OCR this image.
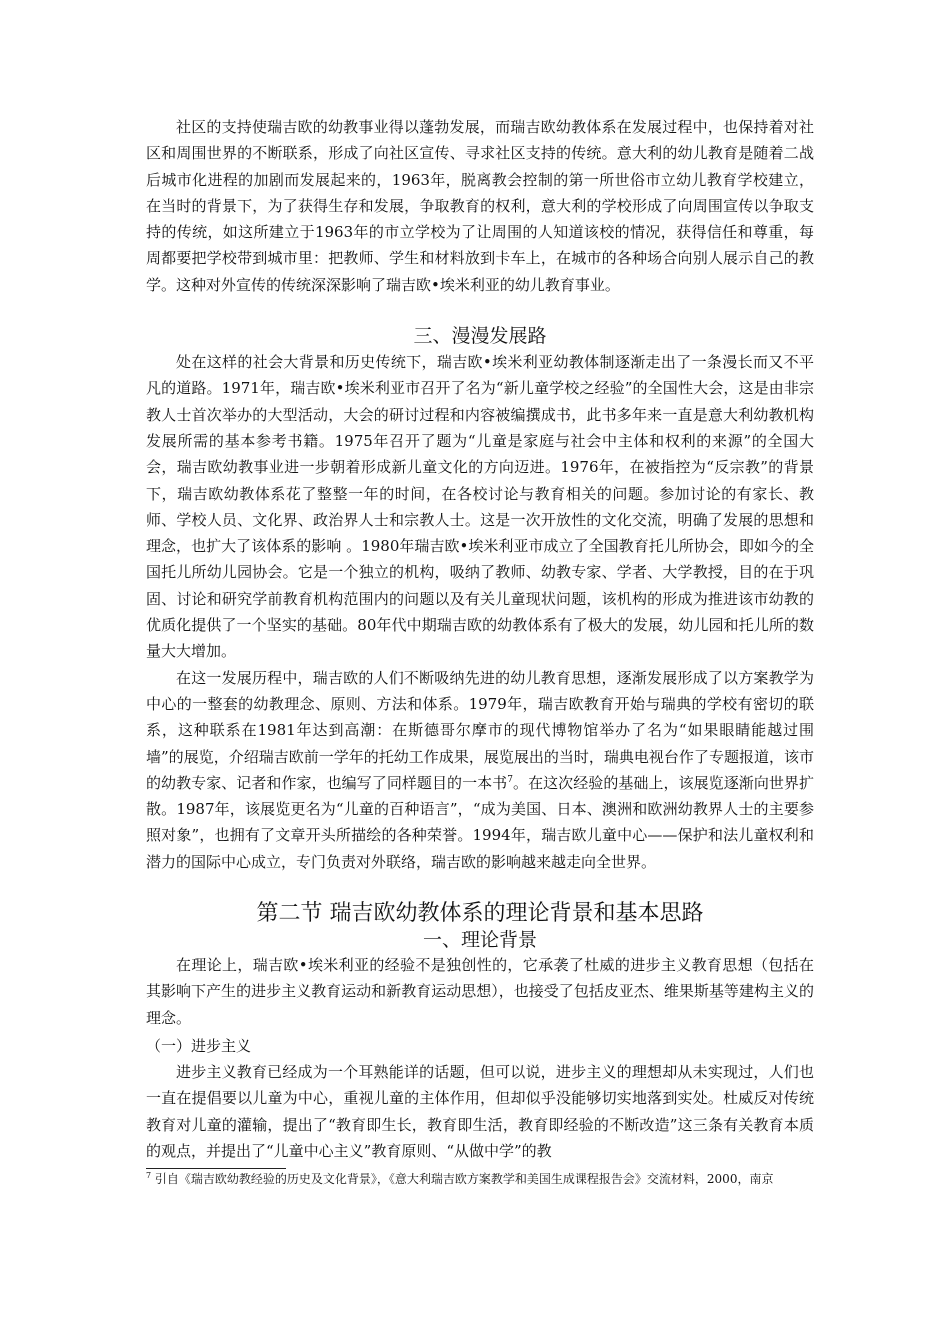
社区的支持使瑞吉欧的幼教事业得以蓬勃发展，而瑞吉欧幼教体系在发展过程中，也保持着对社区和周围世界的不断联系，形成了向社区宣传、寻求社区支持的传统。意大利的幼儿教育是随着二战后城市化进程的加剧而发展起来的，1963年，脱离教会控制的第一所世俗市立幼儿教育学校建立，在当时的背景下，为了获得生存和发展，争取教育的权利，意大利的学校形成了向周围宣传以争取支持的传统，如这所建立于1963年的市立学校为了让周围的人知道该校的情况，获得信任和尊重，每周都要把学校带到城市里：把教师、学生和材料放到卡车上，在城市的各种场合向别人展示自己的教学。这种对外宣传的传统深深影响了瑞吉欧•埃米利亚的幼儿教育事业。

三、漫漫发展路

处在这样的社会大背景和历史传统下，瑞吉欧•埃米利亚幼教体制逐渐走出了一条漫长而又不平凡的道路。1971年，瑞吉欧•埃米利亚市召开了名为“新儿童学校之经验”的全国性大会，这是由非宗教人士首次举办的大型活动，大会的研讨过程和内容被编撰成书，此书多年来一直是意大利幼教机构发展所需的基本参考书籍。1975年召开了题为“儿童是家庭与社会中主体和权利的来源”的全国大会，瑞吉欧幼教事业进一步朝着形成新儿童文化的方向迈进。1976年，在被指控为“反宗教”的背景下，瑞吉欧幼教体系花了整整一年的时间，在各校讨论与教育相关的问题。参加讨论的有家长、教师、学校人员、文化界、政治界人士和宗教人士。这是一次开放性的文化交流，明确了发展的思想和理念，也扩大了该体系的影响 。1980年瑞吉欧•埃米利亚市成立了全国教育托儿所协会，即如今的全国托儿所幼儿园协会。它是一个独立的机构，吸纳了教师、幼教专家、学者、大学教授，目的在于巩固、讨论和研究学前教育机构范围内的问题以及有关儿童现状问题，该机构的形成为推进该市幼教的优质化提供了一个坚实的基础。80年代中期瑞吉欧的幼教体系有了极大的发展，幼儿园和托儿所的数量大大增加。

在这一发展历程中，瑞吉欧的人们不断吸纳先进的幼儿教育思想，逐渐发展形成了以方案教学为中心的一整套的幼教理念、原则、方法和体系。1979年，瑞吉欧教育开始与瑞典的学校有密切的联系，这种联系在1981年达到高潮：在斯德哥尔摩市的现代博物馆举办了名为“如果眼睛能越过围墙”的展览，介绍瑞吉欧前一学年的托幼工作成果，展览展出的当时，瑞典电视台作了专题报道，该市的幼教专家、记者和作家，也编写了同样题目的一本书$^7$。在这次经验的基础上，该展览逐渐向世界扩散。1987年，该展览更名为“儿童的百种语言”，“成为美国、日本、澳洲和欧洲幼教界人士的主要参照对象”，也拥有了文章开头所描绘的各种荣誉。1994年，瑞吉欧儿童中心——保护和法儿童权利和潜力的国际中心成立，专门负责对外联络，瑞吉欧的影响越来越走向全世界。

第二节 瑞吉欧幼教体系的理论背景和基本思路
一、理论背景

在理论上，瑞吉欧•埃米利亚的经验不是独创性的，它承袭了杜威的进步主义教育思想（包括在其影响下产生的进步主义教育运动和新教育运动思想），也接受了包括皮亚杰、维果斯基等建构主义的理念。

（一）进步主义

进步主义教育已经成为一个耳熟能详的话题，但可以说，进步主义的理想却从未实现过，人们也一直在提倡要以儿童为中心，重视儿童的主体作用，但却似乎没能够切实地落到实处。杜威反对传统教育对儿童的灌输，提出了“教育即生长，教育即生活，教育即经验的不断改造”这三条有关教育本质的观点，并提出了“儿童中心主义”教育原则、“从做中学”的教

$^7$ 引自《瑞吉欧幼教经验的历史及文化背景》，《意大利瑞吉欧方案教学和美国生成课程报告会》交流材料，2000，南京
